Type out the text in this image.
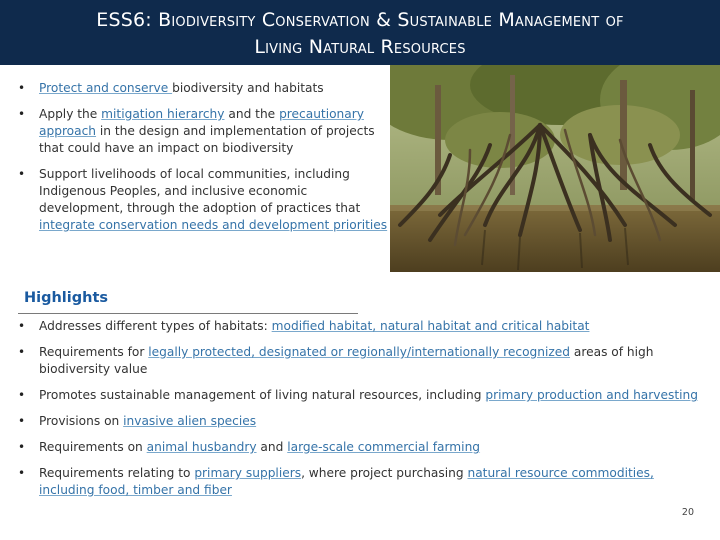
ESS6: Biodiversity Conservation & Sustainable Management of
Living Natural Resources
• Protect and conserve biodiversity and habitats
• Apply the mitigation hierarchy and the precautionary approach in the design and implementation of projects that could have an impact on biodiversity
• Support livelihoods of local communities, including Indigenous Peoples, and inclusive economic development, through the adoption of practices that integrate conservation needs and development priorities
Highlights
• Addresses different types of habitats: modified habitat, natural habitat and critical habitat
• Requirements for legally protected, designated or regionally/internationally recognized areas of high biodiversity value
• Promotes sustainable management of living natural resources, including primary production and harvesting
• Provisions on invasive alien species
• Requirements on animal husbandry and large-scale commercial farming
• Requirements relating to primary suppliers, where project purchasing natural resource commodities, including food, timber and fiber
20
